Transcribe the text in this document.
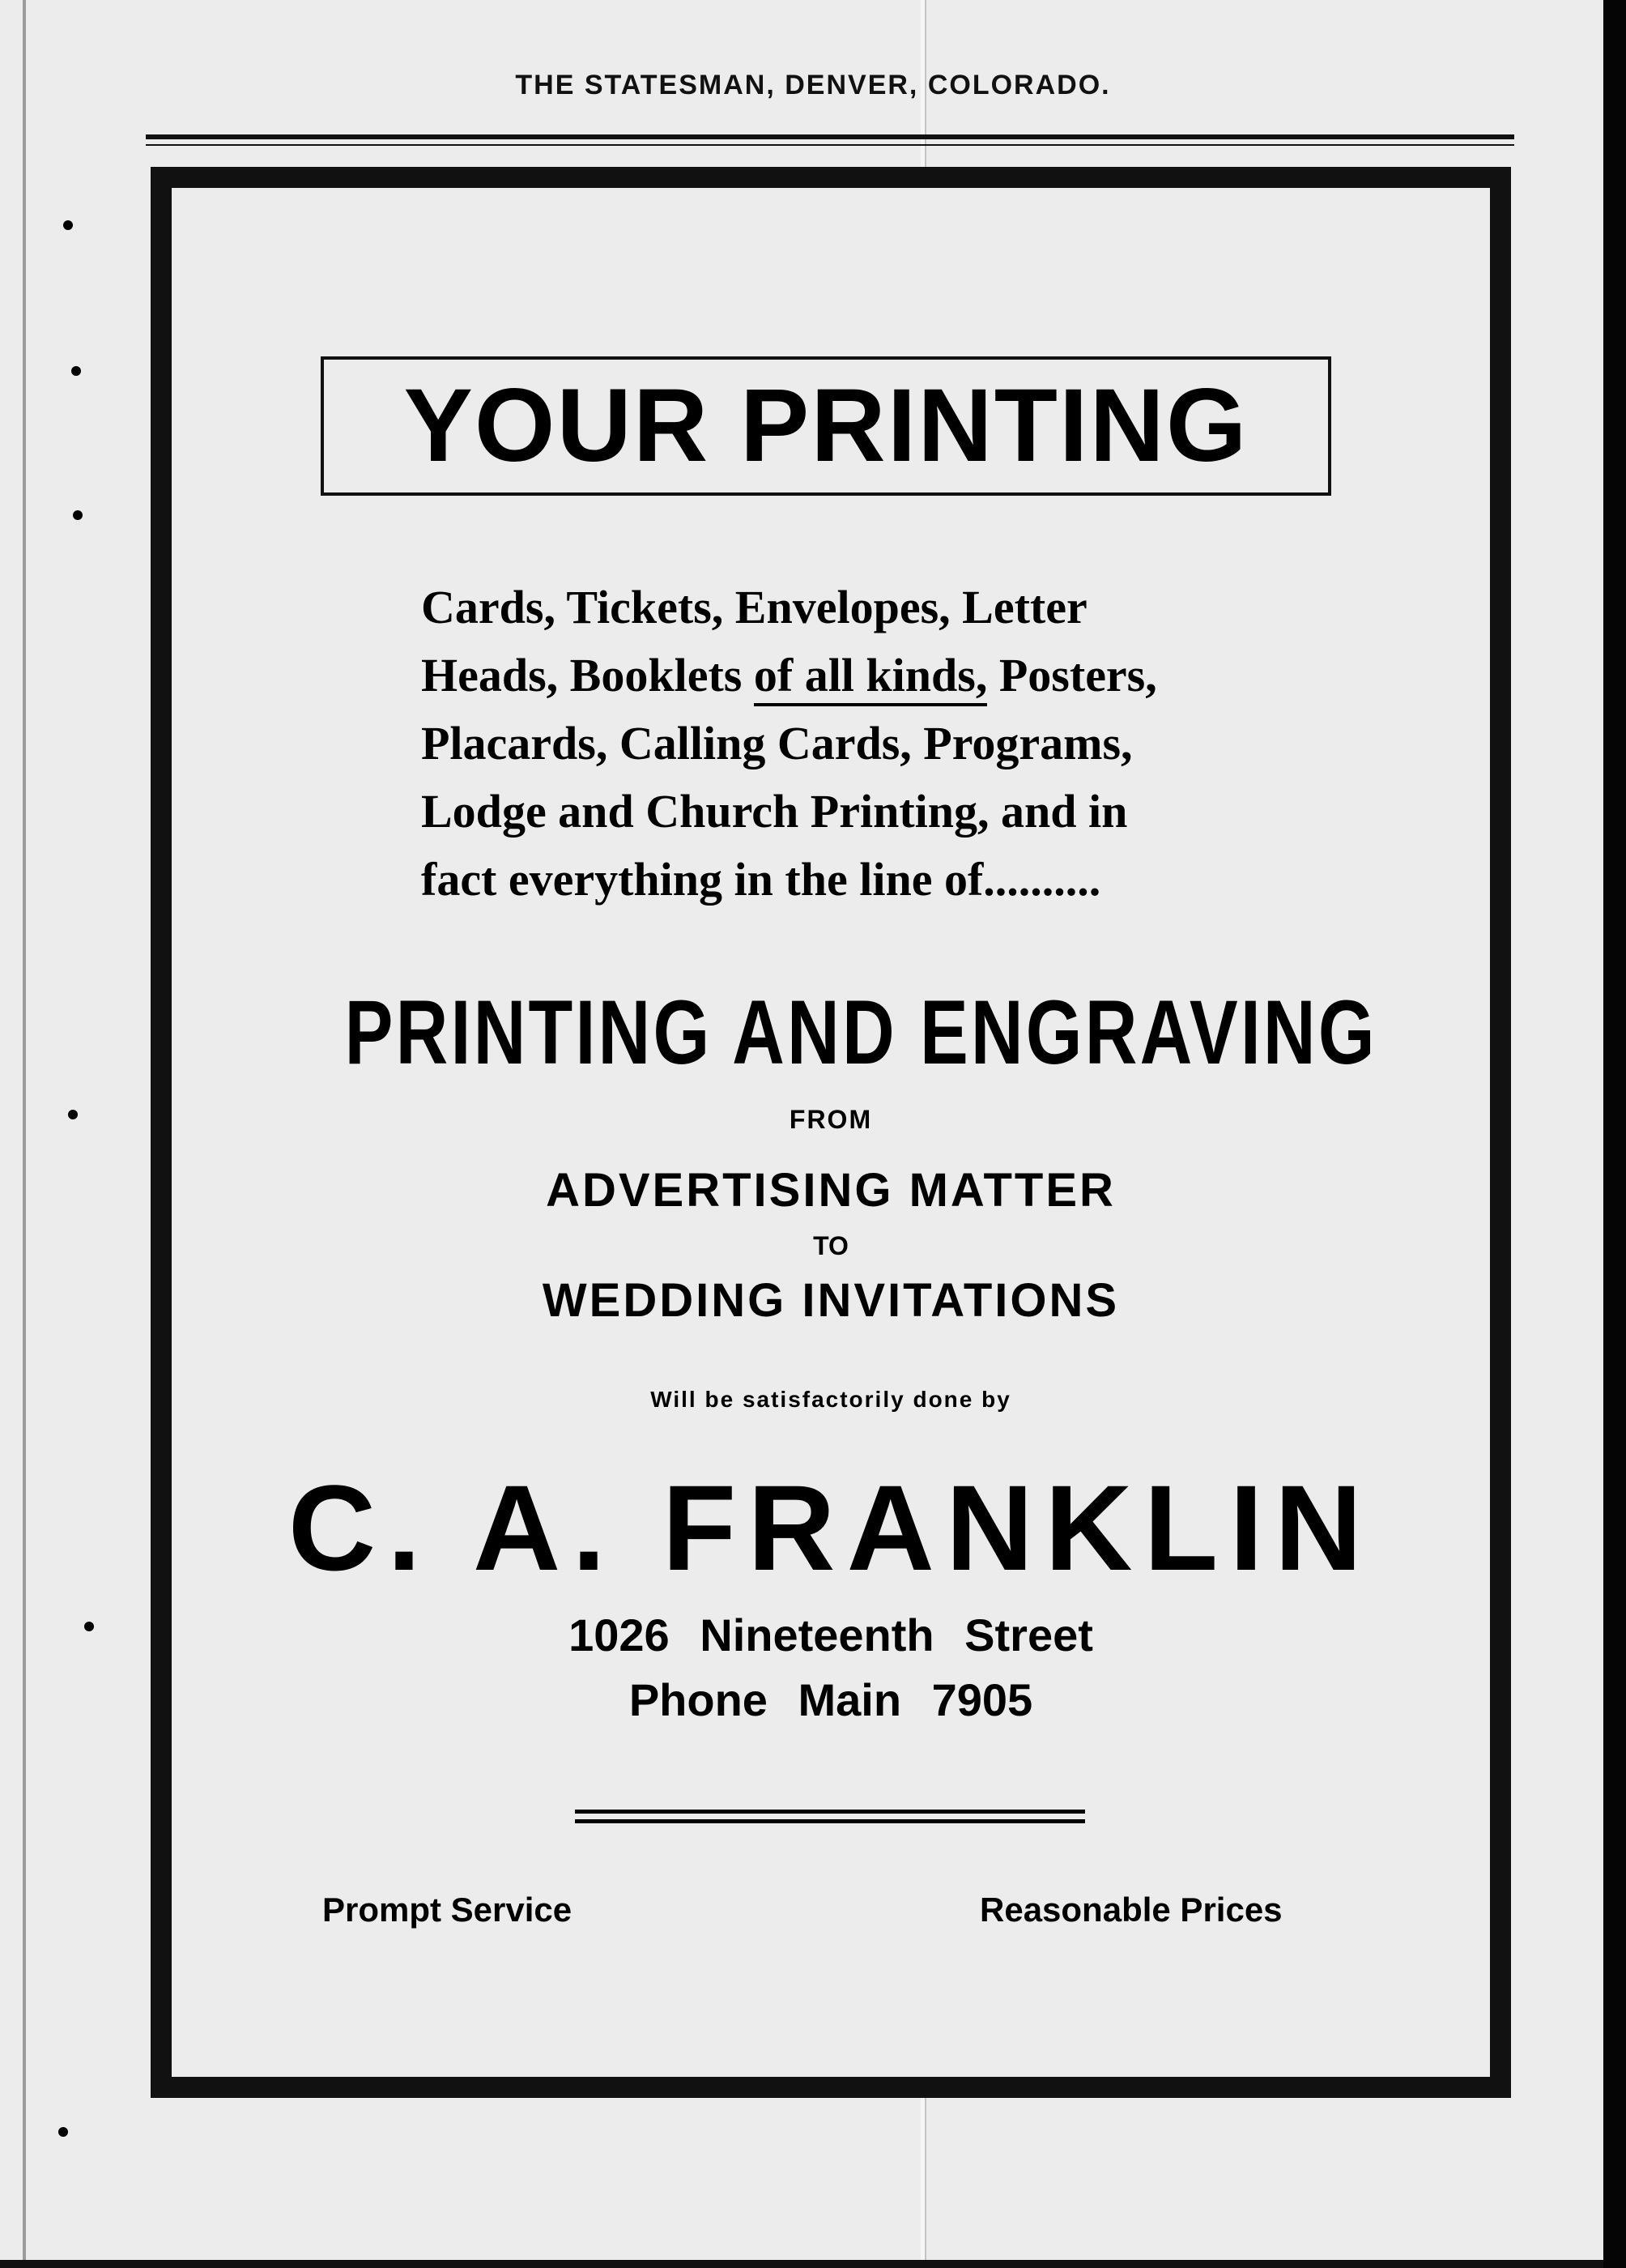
THE STATESMAN, DENVER, COLORADO.

YOUR PRINTING
Cards, Tickets, Envelopes, Letter
Heads, Booklets of all kinds, Posters,
Placards, Calling Cards, Programs,
Lodge and Church Printing, and in
fact everything in the line of..........
PRINTING AND ENGRAVING
FROM
ADVERTISING MATTER
TO
WEDDING INVITATIONS
Will be satisfactorily done by
C. A. FRANKLIN
1026 Nineteenth Street
Phone Main 7905
Prompt Service	Reasonable Prices
